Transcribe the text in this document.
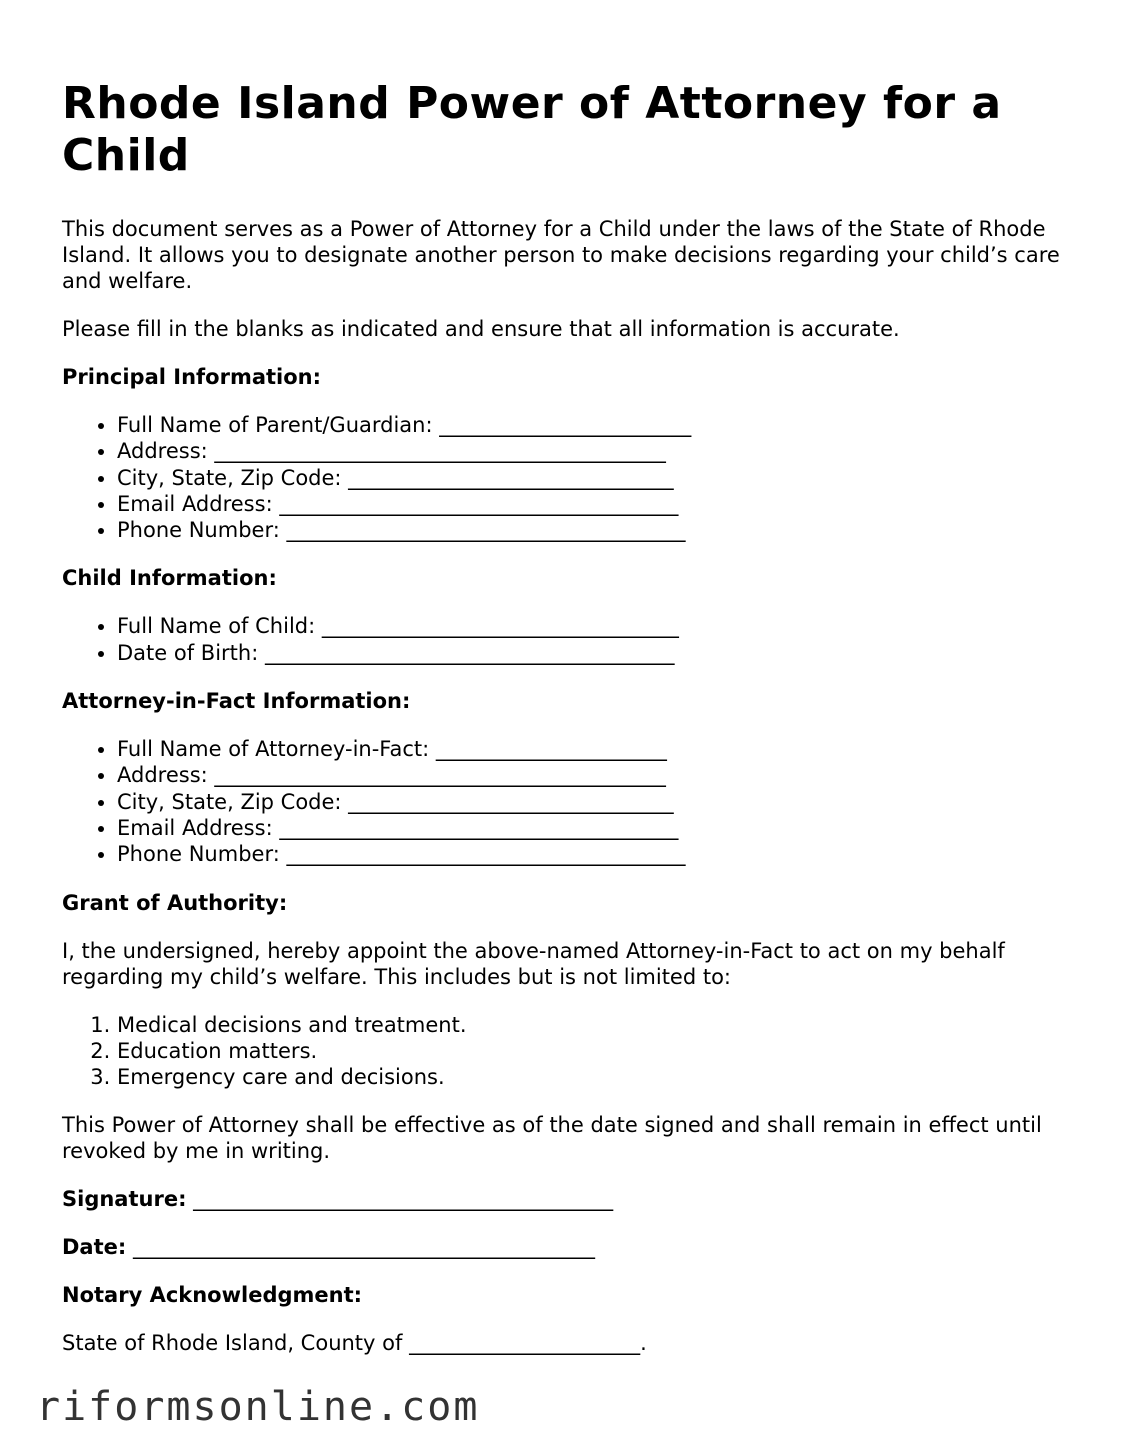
Rhode Island Power of Attorney for a Child

This document serves as a Power of Attorney for a Child under the laws of the State of Rhode Island. It allows you to designate another person to make decisions regarding your child’s care and welfare.

Please fill in the blanks as indicated and ensure that all information is accurate.

Principal Information:
• Full Name of Parent/Guardian: ________________________
• Address: ___________________________________________
• City, State, Zip Code: _______________________________
• Email Address: ______________________________________
• Phone Number: ______________________________________
Child Information:
• Full Name of Child: __________________________________
• Date of Birth: _______________________________________
Attorney-in-Fact Information:
• Full Name of Attorney-in-Fact: ______________________
• Address: ___________________________________________
• City, State, Zip Code: _______________________________
• Email Address: ______________________________________
• Phone Number: ______________________________________
Grant of Authority:

I, the undersigned, hereby appoint the above-named Attorney-in-Fact to act on my behalf regarding my child’s welfare. This includes but is not limited to:

1. Medical decisions and treatment.
2. Education matters.
3. Emergency care and decisions.

This Power of Attorney shall be effective as of the date signed and shall remain in effect until revoked by me in writing.

Signature: ________________________________________
Date: ____________________________________________
Notary Acknowledgment:

State of Rhode Island, County of ______________________.

riformsonline.com
